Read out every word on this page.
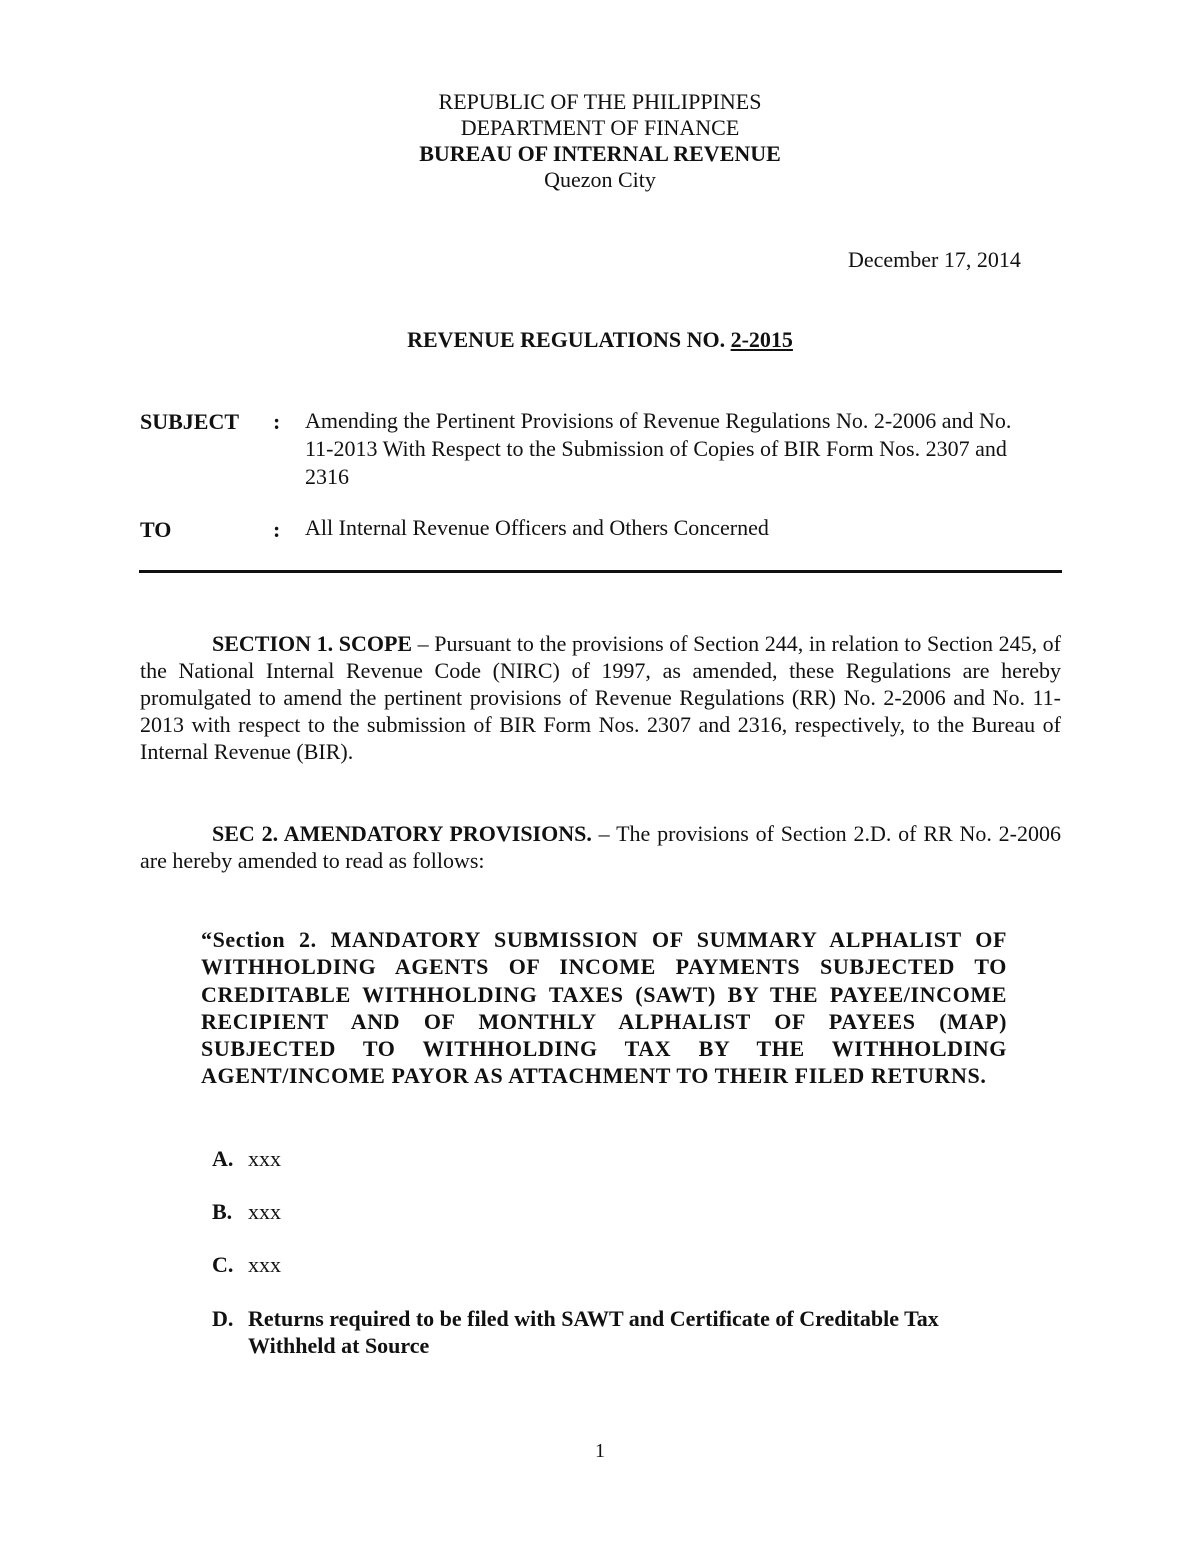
REPUBLIC OF THE PHILIPPINES
DEPARTMENT OF FINANCE
BUREAU OF INTERNAL REVENUE
Quezon City
December 17, 2014
REVENUE REGULATIONS NO. 2-2015
SUBJECT : Amending the Pertinent Provisions of Revenue Regulations No. 2-2006 and No. 11-2013 With Respect to the Submission of Copies of BIR Form Nos. 2307 and 2316
TO	: All Internal Revenue Officers and Others Concerned
SECTION 1. SCOPE – Pursuant to the provisions of Section 244, in relation to Section 245, of the National Internal Revenue Code (NIRC) of 1997, as amended, these Regulations are hereby promulgated to amend the pertinent provisions of Revenue Regulations (RR) No. 2-2006 and No. 11-2013 with respect to the submission of BIR Form Nos. 2307 and 2316, respectively, to the Bureau of Internal Revenue (BIR).
SEC 2. AMENDATORY PROVISIONS. – The provisions of Section 2.D. of RR No. 2-2006 are hereby amended to read as follows:
“Section 2. MANDATORY SUBMISSION OF SUMMARY ALPHALIST OF WITHHOLDING AGENTS OF INCOME PAYMENTS SUBJECTED TO CREDITABLE WITHHOLDING TAXES (SAWT) BY THE PAYEE/INCOME RECIPIENT AND OF MONTHLY ALPHALIST OF PAYEES (MAP) SUBJECTED TO WITHHOLDING TAX BY THE WITHHOLDING AGENT/INCOME PAYOR AS ATTACHMENT TO THEIR FILED RETURNS.
A. xxx
B. xxx
C. xxx
D. Returns required to be filed with SAWT and Certificate of Creditable Tax Withheld at Source
1
